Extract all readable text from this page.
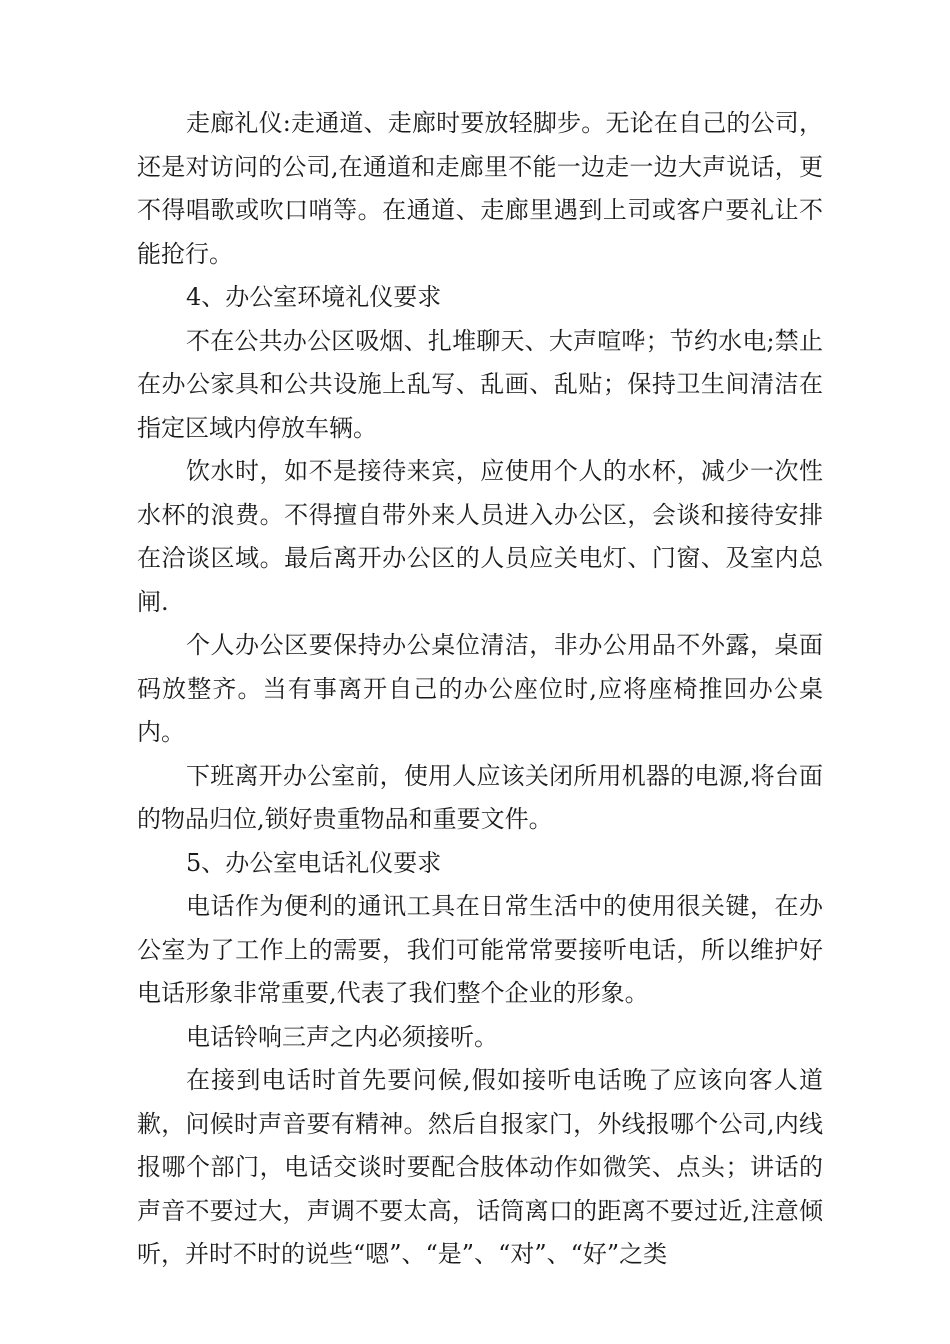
走廊礼仪:走通道、走廊时要放轻脚步。无论在自己的公司，还是对访问的公司,在通道和走廊里不能一边走一边大声说话，更不得唱歌或吹口哨等。在通道、走廊里遇到上司或客户要礼让不能抢行。

4、办公室环境礼仪要求

不在公共办公区吸烟、扎堆聊天、大声喧哗；节约水电;禁止在办公家具和公共设施上乱写、乱画、乱贴；保持卫生间清洁在指定区域内停放车辆。

饮水时，如不是接待来宾，应使用个人的水杯，减少一次性水杯的浪费。不得擅自带外来人员进入办公区，会谈和接待安排在洽谈区域。最后离开办公区的人员应关电灯、门窗、及室内总闸.

个人办公区要保持办公桌位清洁，非办公用品不外露，桌面码放整齐。当有事离开自己的办公座位时,应将座椅推回办公桌内。

下班离开办公室前，使用人应该关闭所用机器的电源,将台面的物品归位,锁好贵重物品和重要文件。

5、办公室电话礼仪要求

电话作为便利的通讯工具在日常生活中的使用很关键，在办公室为了工作上的需要，我们可能常常要接听电话，所以维护好电话形象非常重要,代表了我们整个企业的形象。

电话铃响三声之内必须接听。

在接到电话时首先要问候,假如接听电话晚了应该向客人道歉，问候时声音要有精神。然后自报家门，外线报哪个公司,内线报哪个部门，电话交谈时要配合肢体动作如微笑、点头；讲话的声音不要过大，声调不要太高，话筒离口的距离不要过近,注意倾听，并时不时的说些“嗯”、“是”、“对”、“好”之类
